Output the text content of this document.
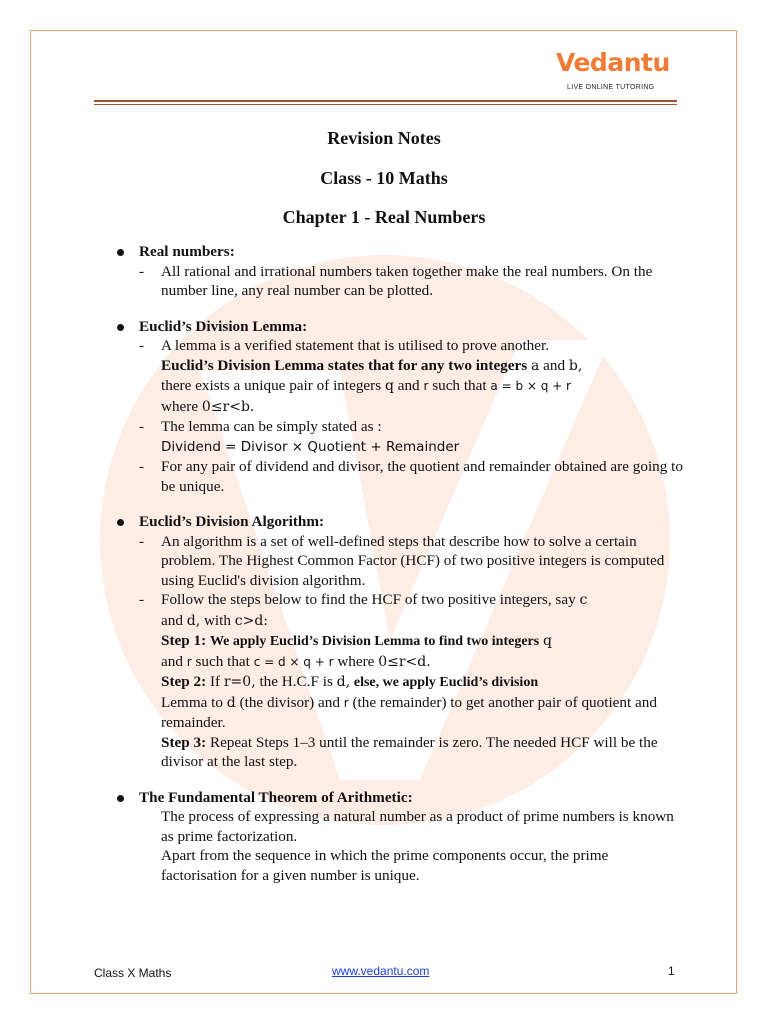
Vedantu
LIVE ONLINE TUTORING
Revision Notes
Class - 10 Maths
Chapter 1 - Real Numbers
Real numbers:
- All rational and irrational numbers taken together make the real numbers. On the number line, any real number can be plotted.
Euclid’s Division Lemma:
- A lemma is a verified statement that is utilised to prove another.
Euclid’s Division Lemma states that for any two integers a and b,
there exists a unique pair of integers q and r such that a = b × q + r
where 0≤r<b.
- The lemma can be simply stated as :
Dividend = Divisor × Quotient + Remainder
- For any pair of dividend and divisor, the quotient and remainder obtained are going to be unique.
Euclid’s Division Algorithm:
- An algorithm is a set of well-defined steps that describe how to solve a certain problem. The Highest Common Factor (HCF) of two positive integers is computed using Euclid's division algorithm.
- Follow the steps below to find the HCF of two positive integers, say c
and d, with c>d:
Step 1: We apply Euclid’s Division Lemma to find two integers q
and r such that c = d × q + r where 0≤r<d.
Step 2: If r=0, the H.C.F is d, else, we apply Euclid’s division
Lemma to d (the divisor) and r (the remainder) to get another pair of quotient and remainder.
Step 3: Repeat Steps 1–3 until the remainder is zero. The needed HCF will be the divisor at the last step.
The Fundamental Theorem of Arithmetic:
The process of expressing a natural number as a product of prime numbers is known as prime factorization.
Apart from the sequence in which the prime components occur, the prime factorisation for a given number is unique.
Class X Maths	www.vedantu.com	1
